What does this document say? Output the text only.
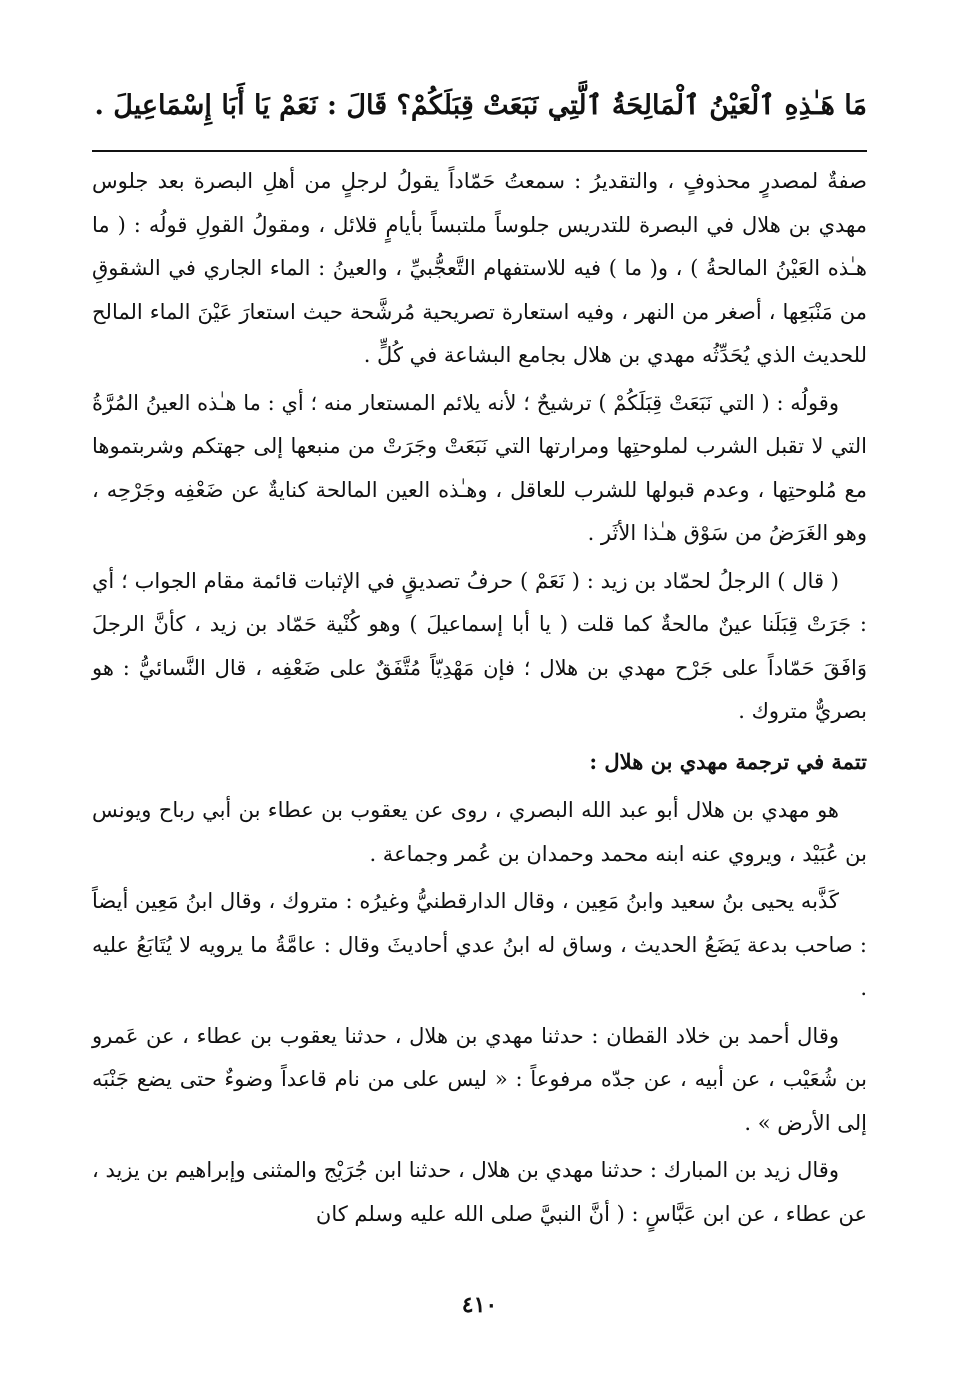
مَا هَـٰذِهِ ٱلْعَيْنُ ٱلْمَالِحَةُ ٱلَّتِي نَبَعَتْ قِبَلَكُمْ؟ قَالَ : نَعَمْ يَا أَبَا إِسْمَاعِيلَ .

صفةٌ لمصدرٍ محذوفٍ ، والتقديرُ : سمعتُ حَمّاداً يقولُ لرجلٍ من أهلِ البصرة بعد جلوس مهدي بن هلال في البصرة للتدريس جلوساً ملتبساً بأيامٍ قلائل ، ومقولُ القولِ قولُه : ( ما هـٰذه العَيْنُ المالحةُ ) ، و( ما ) فيه للاستفهام التَّعجُّبيِّ ، والعينُ : الماء الجاري في الشقوقِ من مَنْبَعِها ، أصغر من النهر ، وفيه استعارة تصريحية مُرشَّحة حيث استعارَ عَيْنَ الماء المالح للحديث الذي يُحَدِّثُه مهدي بن هلال بجامع البشاعة في كُلٍّ .

وقولُه : ( التي نَبَعَتْ قِبَلَكُمْ ) ترشيحٌ ؛ لأنه يلائم المستعار منه ؛ أي : ما هـٰذه العينُ المُرَّةُ التي لا تقبل الشرب لملوحتِها ومرارتها التي نَبَعَتْ وجَرَتْ من منبعها إلى جهتكم وشربتموها مع مُلوحتِها ، وعدم قبولها للشرب للعاقل ، وهـٰذه العين المالحة كنايةٌ عن ضَعْفِه وجَرْحِه ، وهو الغَرَضُ من سَوْق هـٰذا الأثَر .

( قال ) الرجلُ لحمّاد بن زيد : ( نَعَمْ ) حرفُ تصديقٍ في الإثبات قائمة مقام الجواب ؛ أي : جَرَتْ قِبَلَنا عينٌ مالحةٌ كما قلت ( يا أبا إسماعيلَ ) وهو كُنْية حَمّاد بن زيد ، كأنَّ الرجلَ وَافَقَ حَمّاداً على جَرْح مهدي بن هلال ؛ فإن مَهْدِيّاً مُتَّفَقٌ على ضَعْفِه ، قال النَّسائيُّ : هو بصريٌّ متروك .

تتمة في ترجمة مهدي بن هلال :

هو مهدي بن هلال أبو عبد الله البصري ، روى عن يعقوب بن عطاء بن أبي رباح ويونس بن عُبَيْد ، ويروي عنه ابنه محمد وحمدان بن عُمر وجماعة .

كَذَّبه يحيى بنُ سعيد وابنُ مَعِين ، وقال الدارقطنيُّ وغيرُه : متروك ، وقال ابنُ مَعِين أيضاً : صاحب بدعة يَضَعُ الحديث ، وساق له ابنُ عدي أحاديثَ وقال : عامَّةُ ما يرويه لا يُتَابَعُ عليه .

وقال أحمد بن خلاد القطان : حدثنا مهدي بن هلال ، حدثنا يعقوب بن عطاء ، عن عَمرو بن شُعَيْب ، عن أبيه ، عن جدّه مرفوعاً : « ليس على من نام قاعداً وضوءٌ حتى يضع جَنْبَه إلى الأرض » .

وقال زيد بن المبارك : حدثنا مهدي بن هلال ، حدثنا ابن جُرَيْج والمثنى وإبراهيم بن يزيد ، عن عطاء ، عن ابن عَبَّاسٍ : ( أنَّ النبيَّ صلى الله عليه وسلم كان

٤١٠
